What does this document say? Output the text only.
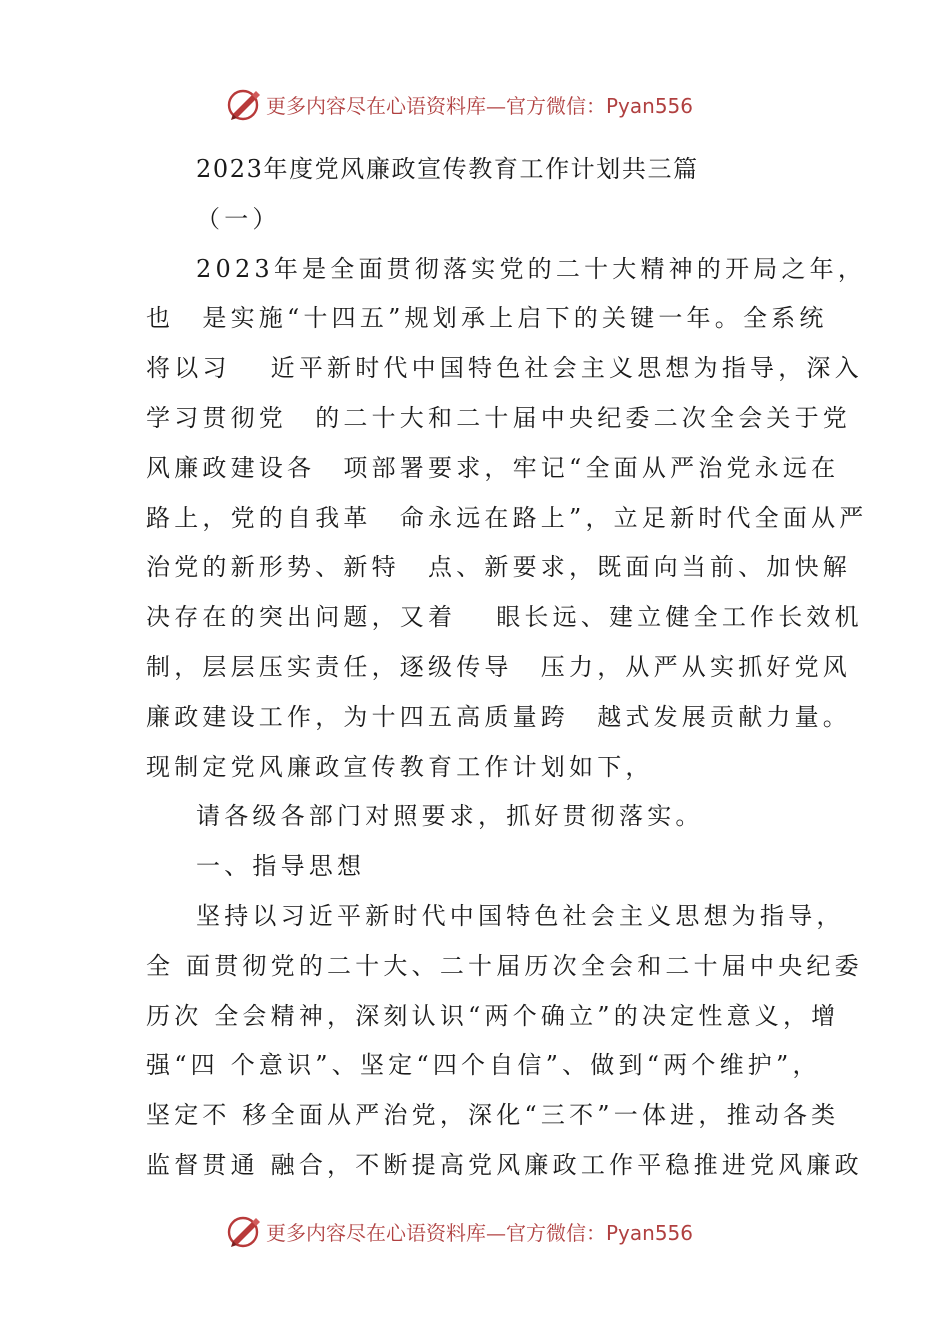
更多内容尽在心语资料库—官方微信：Pyan556
2023年度党风廉政宣传教育工作计划共三篇
（一）
2023年是全面贯彻落实党的二十大精神的开局之年，
也　是实施“十四五”规划承上启下的关键一年。全系统
将以习　 近平新时代中国特色社会主义思想为指导，深入
学习贯彻党　的二十大和二十届中央纪委二次全会关于党
风廉政建设各　项部署要求，牢记“全面从严治党永远在
路上，党的自我革　命永远在路上”，立足新时代全面从严
治党的新形势、新特　点、新要求，既面向当前、加快解
决存在的突出问题，又着　 眼长远、建立健全工作长效机
制，层层压实责任，逐级传导　压力，从严从实抓好党风
廉政建设工作，为十四五高质量跨　越式发展贡献力量。
现制定党风廉政宣传教育工作计划如下，
请各级各部门对照要求，抓好贯彻落实。
一、指导思想
坚持以习近平新时代中国特色社会主义思想为指导，
全 面贯彻党的二十大、二十届历次全会和二十届中央纪委
历次 全会精神，深刻认识“两个确立”的决定性意义，增
强“四 个意识”、坚定“四个自信”、做到“两个维护”，
坚定不 移全面从严治党，深化“三不”一体进，推动各类
监督贯通 融合，不断提高党风廉政工作平稳推进党风廉政
更多内容尽在心语资料库—官方微信：Pyan556
